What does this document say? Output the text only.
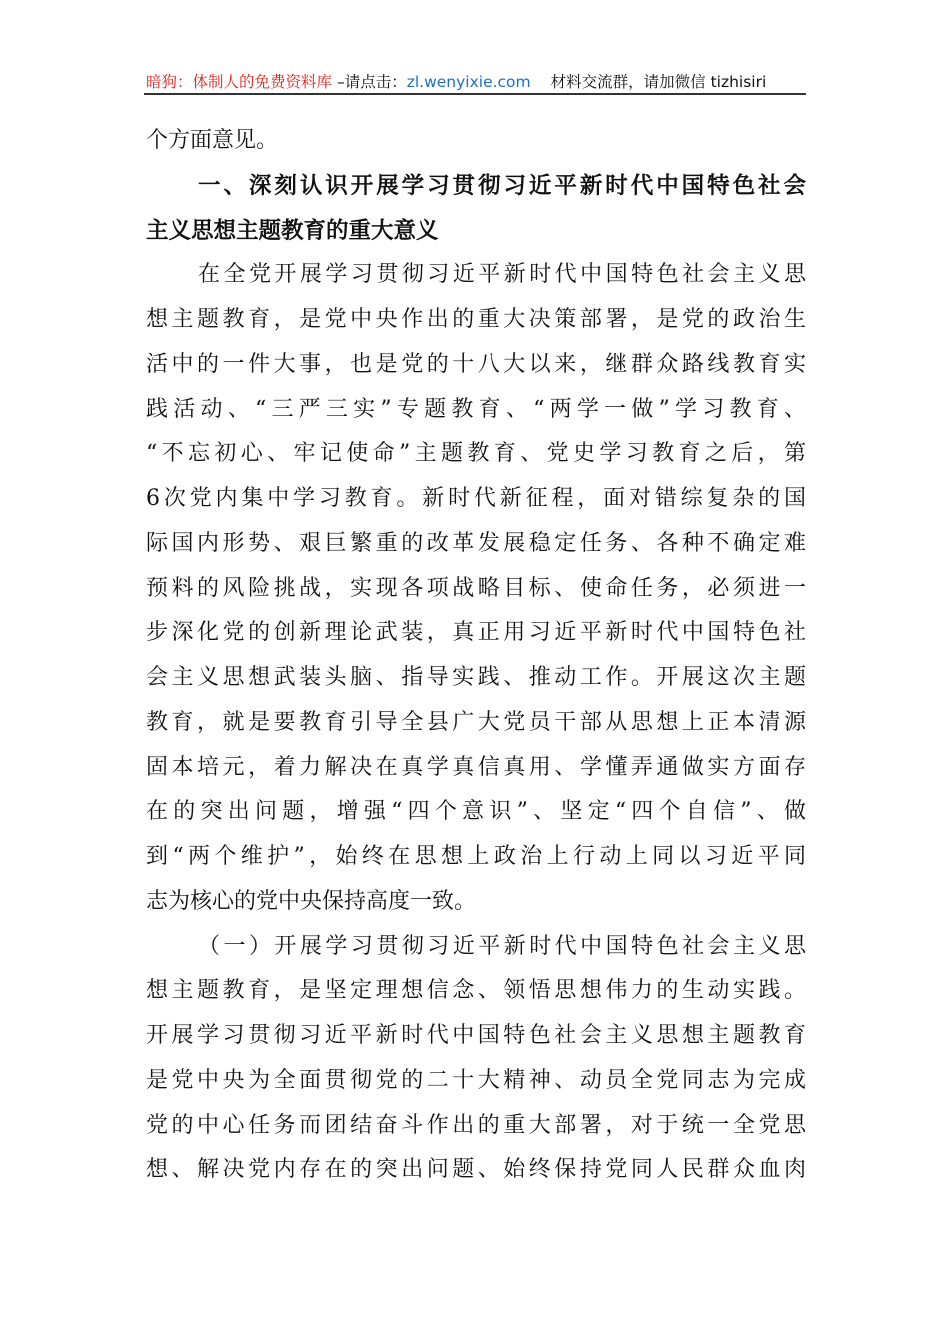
暗狗：体制人的免费资料库 –请点击：zl.wenyixie.com 材料交流群，请加微信 tizhisiri
个方面意见。
一、深刻认识开展学习贯彻习近平新时代中国特色社会
主义思想主题教育的重大意义
在全党开展学习贯彻习近平新时代中国特色社会主义思
想主题教育，是党中央作出的重大决策部署，是党的政治生
活中的一件大事，也是党的十八大以来，继群众路线教育实
践活动、“三严三实”专题教育、“两学一做”学习教育、
“不忘初心、牢记使命”主题教育、党史学习教育之后，第
6次党内集中学习教育。新时代新征程，面对错综复杂的国
际国内形势、艰巨繁重的改革发展稳定任务、各种不确定难
预料的风险挑战，实现各项战略目标、使命任务，必须进一
步深化党的创新理论武装，真正用习近平新时代中国特色社
会主义思想武装头脑、指导实践、推动工作。开展这次主题
教育，就是要教育引导全县广大党员干部从思想上正本清源
固本培元，着力解决在真学真信真用、学懂弄通做实方面存
在的突出问题，增强“四个意识”、坚定“四个自信”、做
到“两个维护”，始终在思想上政治上行动上同以习近平同
志为核心的党中央保持高度一致。
（一）开展学习贯彻习近平新时代中国特色社会主义思
想主题教育，是坚定理想信念、领悟思想伟力的生动实践。
开展学习贯彻习近平新时代中国特色社会主义思想主题教育
是党中央为全面贯彻党的二十大精神、动员全党同志为完成
党的中心任务而团结奋斗作出的重大部署，对于统一全党思
想、解决党内存在的突出问题、始终保持党同人民群众血肉
